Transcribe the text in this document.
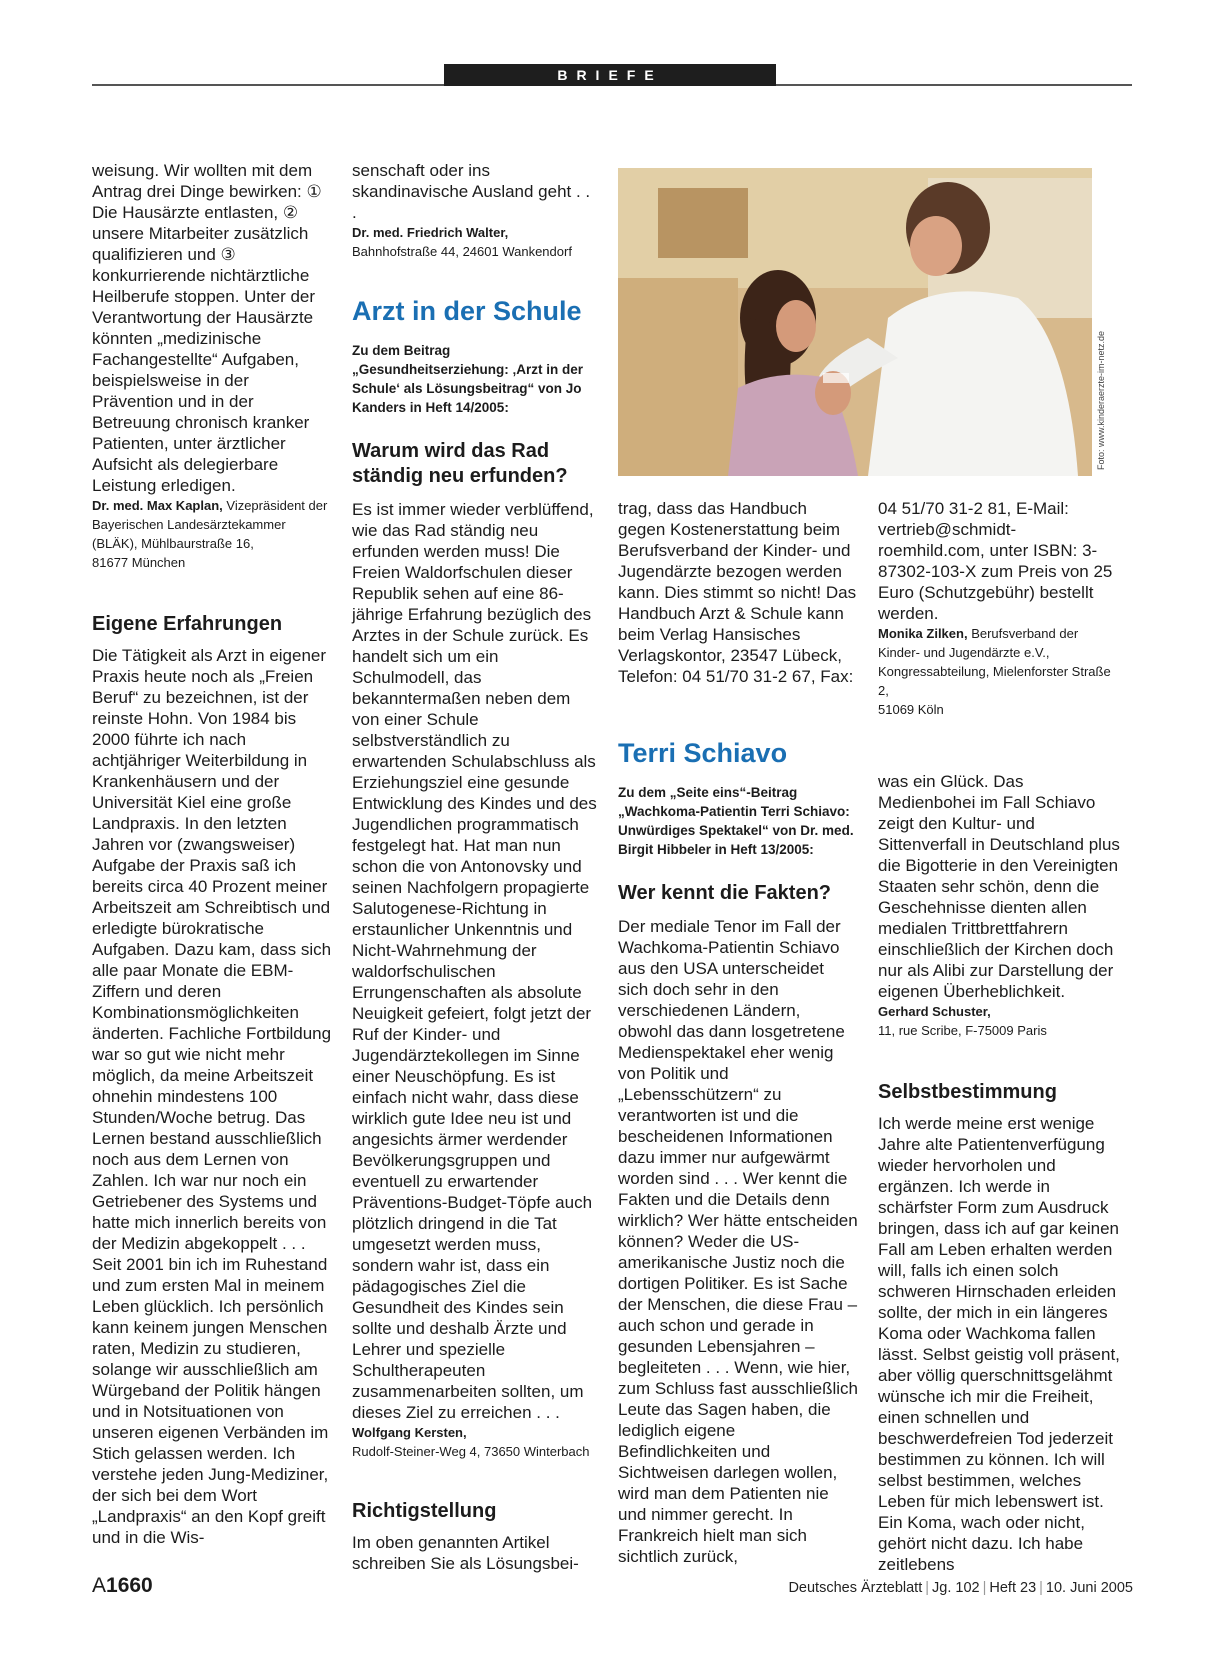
BRIEFE

weisung. Wir wollten mit dem Antrag drei Dinge bewirken: ① Die Hausärzte entlasten, ② unsere Mitarbeiter zusätzlich qualifizieren und ③ konkurrierende nichtärztliche Heilberufe stoppen. Unter der Verantwortung der Hausärzte könnten „medizinische Fachangestellte“ Aufgaben, beispielsweise in der Prävention und in der Betreuung chronisch kranker Patienten, unter ärztlicher Aufsicht als delegierbare Leistung erledigen.

Dr. med. Max Kaplan, Vizepräsident der Bayerischen Landesärztekammer (BLÄK), Mühlbaurstraße 16,
81677 München
Eigene Erfahrungen

Die Tätigkeit als Arzt in eigener Praxis heute noch als „Freien Beruf“ zu bezeichnen, ist der reinste Hohn. Von 1984 bis 2000 führte ich nach achtjähriger Weiterbildung in Krankenhäusern und der Universität Kiel eine große Landpraxis. In den letzten Jahren vor (zwangsweiser) Aufgabe der Praxis saß ich bereits circa 40 Prozent meiner Arbeitszeit am Schreibtisch und erledigte bürokratische Aufgaben. Dazu kam, dass sich alle paar Monate die EBM-Ziffern und deren Kombinationsmöglichkeiten änderten. Fachliche Fortbildung war so gut wie nicht mehr möglich, da meine Arbeitszeit ohnehin mindestens 100 Stunden/Woche betrug. Das Lernen bestand ausschließlich noch aus dem Lernen von Zahlen. Ich war nur noch ein Getriebener des Systems und hatte mich innerlich bereits von der Medizin abgekoppelt . . . Seit 2001 bin ich im Ruhestand und zum ersten Mal in meinem Leben glücklich. Ich persönlich kann keinem jungen Menschen raten, Medizin zu studieren, solange wir ausschließlich am Würgeband der Politik hängen und in Notsituationen von unseren eigenen Verbänden im Stich gelassen werden. Ich verstehe jeden Jung-Mediziner, der sich bei dem Wort „Landpraxis“ an den Kopf greift und in die Wis-

senschaft oder ins skandinavische Ausland geht . . .

Dr. med. Friedrich Walter,
Bahnhofstraße 44, 24601 Wankendorf
Arzt in der Schule

Zu dem Beitrag „Gesundheitserziehung: ‚Arzt in der Schule‘ als Lösungsbeitrag“ von Jo Kanders in Heft 14/2005:

Warum wird das Rad ständig neu erfunden?

Es ist immer wieder verblüffend, wie das Rad ständig neu erfunden werden muss! Die Freien Waldorfschulen dieser Republik sehen auf eine 86-jährige Erfahrung bezüglich des Arztes in der Schule zurück. Es handelt sich um ein Schulmodell, das bekanntermaßen neben dem von einer Schule selbstverständlich zu erwartenden Schulabschluss als Erziehungsziel eine gesunde Entwicklung des Kindes und des Jugendlichen programmatisch festgelegt hat. Hat man nun schon die von Antonovsky und seinen Nachfolgern propagierte Salutogenese-Richtung in erstaunlicher Unkenntnis und Nicht-Wahrnehmung der waldorfschulischen Errungenschaften als absolute Neuigkeit gefeiert, folgt jetzt der Ruf der Kinder- und Jugendärztekollegen im Sinne einer Neuschöpfung. Es ist einfach nicht wahr, dass diese wirklich gute Idee neu ist und angesichts ärmer werdender Bevölkerungsgruppen und eventuell zu erwartender Präventions-Budget-Töpfe auch plötzlich dringend in die Tat umgesetzt werden muss, sondern wahr ist, dass ein pädagogisches Ziel die Gesundheit des Kindes sein sollte und deshalb Ärzte und Lehrer und spezielle Schultherapeuten zusammenarbeiten sollten, um dieses Ziel zu erreichen . . .

Wolfgang Kersten,
Rudolf-Steiner-Weg 4, 73650 Winterbach
Richtigstellung

Im oben genannten Artikel schreiben Sie als Lösungsbei-

Foto: www.kinderaerzte-im-netz.de

trag, dass das Handbuch gegen Kostenerstattung beim Berufsverband der Kinder- und Jugendärzte bezogen werden kann. Dies stimmt so nicht! Das Handbuch Arzt & Schule kann beim Verlag Hansisches Verlagskontor, 23547 Lübeck, Telefon: 04 51/70 31-2 67, Fax:

Terri Schiavo

Zu dem „Seite eins“-Beitrag „Wachkoma-Patientin Terri Schiavo: Unwürdiges Spektakel“ von Dr. med. Birgit Hibbeler in Heft 13/2005:

Wer kennt die Fakten?

Der mediale Tenor im Fall der Wachkoma-Patientin Schiavo aus den USA unterscheidet sich doch sehr in den verschiedenen Ländern, obwohl das dann losgetretene Medienspektakel eher wenig von Politik und „Lebensschützern“ zu verantworten ist und die bescheidenen Informationen dazu immer nur aufgewärmt worden sind . . . Wer kennt die Fakten und die Details denn wirklich? Wer hätte entscheiden können? Weder die US-amerikanische Justiz noch die dortigen Politiker. Es ist Sache der Menschen, die diese Frau – auch schon und gerade in gesunden Lebensjahren – begleiteten . . . Wenn, wie hier, zum Schluss fast ausschließlich Leute das Sagen haben, die lediglich eigene Befindlichkeiten und Sichtweisen darlegen wollen, wird man dem Patienten nie und nimmer gerecht. In Frankreich hielt man sich sichtlich zurück,

04 51/70 31-2 81, E-Mail: vertrieb@schmidt-roemhild.com, unter ISBN: 3-87302-103-X zum Preis von 25 Euro (Schutzgebühr) bestellt werden.

Monika Zilken, Berufsverband der Kinder- und Jugendärzte e.V., Kongressabteilung, Mielenforster Straße 2,
51069 Köln

was ein Glück. Das Medienbohei im Fall Schiavo zeigt den Kultur- und Sittenverfall in Deutschland plus die Bigotterie in den Vereinigten Staaten sehr schön, denn die Geschehnisse dienten allen medialen Trittbrettfahrern einschließlich der Kirchen doch nur als Alibi zur Darstellung der eigenen Überheblichkeit.

Gerhard Schuster,
11, rue Scribe, F-75009 Paris
Selbstbestimmung

Ich werde meine erst wenige Jahre alte Patientenverfügung wieder hervorholen und ergänzen. Ich werde in schärfster Form zum Ausdruck bringen, dass ich auf gar keinen Fall am Leben erhalten werden will, falls ich einen solch schweren Hirnschaden erleiden sollte, der mich in ein längeres Koma oder Wachkoma fallen lässt. Selbst geistig voll präsent, aber völlig querschnittsgelähmt wünsche ich mir die Freiheit, einen schnellen und beschwerdefreien Tod jederzeit bestimmen zu können. Ich will selbst bestimmen, welches Leben für mich lebenswert ist. Ein Koma, wach oder nicht, gehört nicht dazu. Ich habe zeitlebens

A1660	Deutsches Ärzteblatt | Jg. 102 | Heft 23 | 10. Juni 2005
